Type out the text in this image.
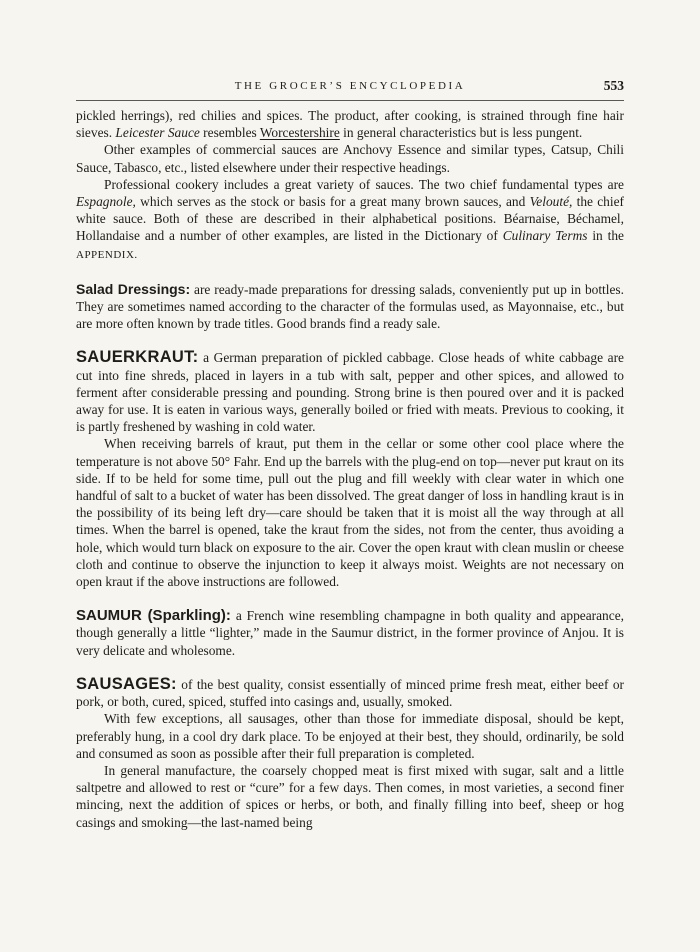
THE GROCER’S ENCYCLOPEDIA	553

pickled herrings), red chilies and spices. The product, after cooking, is strained through fine hair sieves. Leicester Sauce resembles Worcestershire in general characteristics but is less pungent.

Other examples of commercial sauces are Anchovy Essence and similar types, Catsup, Chili Sauce, Tabasco, etc., listed elsewhere under their respective headings.

Professional cookery includes a great variety of sauces. The two chief fundamental types are Espagnole, which serves as the stock or basis for a great many brown sauces, and Velouté, the chief white sauce. Both of these are described in their alphabetical positions. Béarnaise, Béchamel, Hollandaise and a number of other examples, are listed in the Dictionary of Culinary Terms in the APPENDIX.

Salad Dressings: are ready-made preparations for dressing salads, conveniently put up in bottles. They are sometimes named according to the character of the formulas used, as Mayonnaise, etc., but are more often known by trade titles. Good brands find a ready sale.

SAUERKRAUT: a German preparation of pickled cabbage. Close heads of white cabbage are cut into fine shreds, placed in layers in a tub with salt, pepper and other spices, and allowed to ferment after considerable pressing and pounding. Strong brine is then poured over and it is packed away for use. It is eaten in various ways, generally boiled or fried with meats. Previous to cooking, it is partly freshened by washing in cold water.

When receiving barrels of kraut, put them in the cellar or some other cool place where the temperature is not above 50° Fahr. End up the barrels with the plug-end on top—never put kraut on its side. If to be held for some time, pull out the plug and fill weekly with clear water in which one handful of salt to a bucket of water has been dissolved. The great danger of loss in handling kraut is in the possibility of its being left dry—care should be taken that it is moist all the way through at all times. When the barrel is opened, take the kraut from the sides, not from the center, thus avoiding a hole, which would turn black on exposure to the air. Cover the open kraut with clean muslin or cheese cloth and continue to observe the injunction to keep it always moist. Weights are not necessary on open kraut if the above instructions are followed.

SAUMUR (Sparkling): a French wine resembling champagne in both quality and appearance, though generally a little “lighter,” made in the Saumur district, in the former province of Anjou. It is very delicate and wholesome.

SAUSAGES: of the best quality, consist essentially of minced prime fresh meat, either beef or pork, or both, cured, spiced, stuffed into casings and, usually, smoked.

With few exceptions, all sausages, other than those for immediate disposal, should be kept, preferably hung, in a cool dry dark place. To be enjoyed at their best, they should, ordinarily, be sold and consumed as soon as possible after their full preparation is completed.

In general manufacture, the coarsely chopped meat is first mixed with sugar, salt and a little saltpetre and allowed to rest or “cure” for a few days. Then comes, in most varieties, a second finer mincing, next the addition of spices or herbs, or both, and finally filling into beef, sheep or hog casings and smoking—the last-named being
